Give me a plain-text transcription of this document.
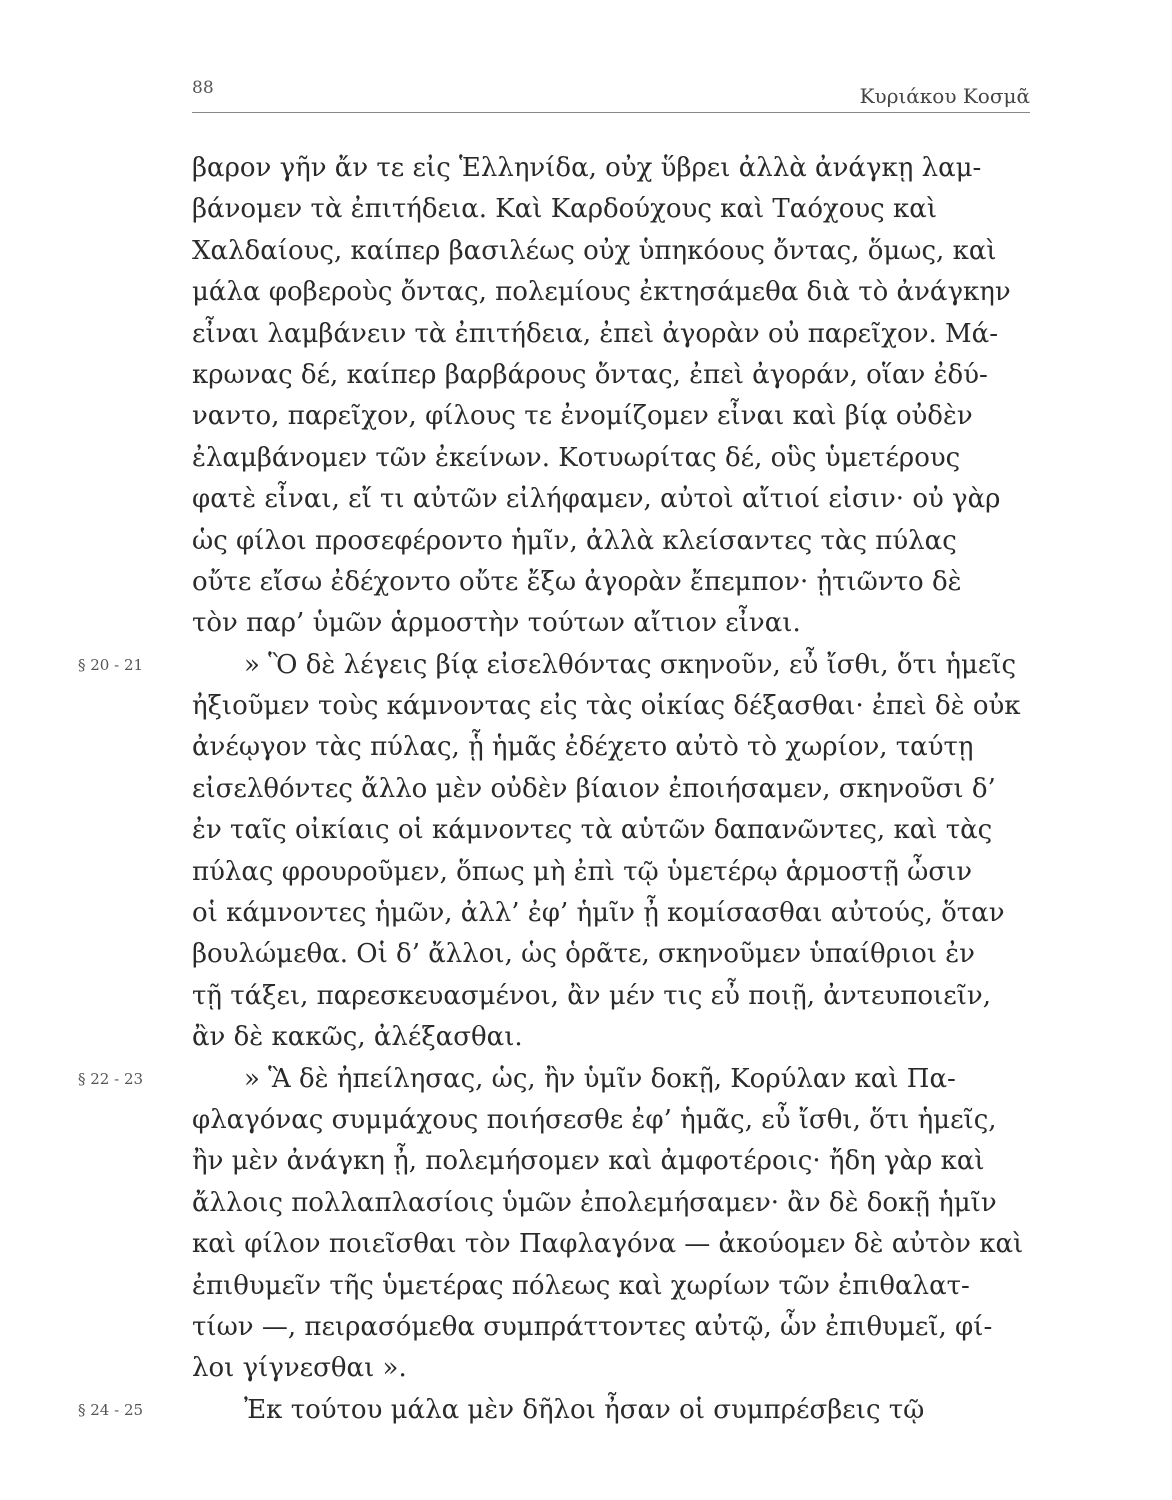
88	Κυριάκου Κοσμᾶ
βαρον γῆν ἄν τε εἰς Ἑλληνίδα, οὐχ ὕβρει ἀλλὰ ἀνάγκῃ λαμ-
βάνομεν τὰ ἐπιτήδεια. Καὶ Καρδούχους καὶ Ταόχους καὶ
Χαλδαίους, καίπερ βασιλέως οὐχ ὑπηκόους ὄντας, ὅμως, καὶ
μάλα φοβεροὺς ὄντας, πολεμίους ἐκτησάμεθα διὰ τὸ ἀνάγκην
εἶναι λαμβάνειν τὰ ἐπιτήδεια, ἐπεὶ ἀγορὰν οὐ παρεῖχον. Μά-
κρωνας δέ, καίπερ βαρβάρους ὄντας, ἐπεὶ ἀγοράν, οἵαν ἐδύ-
ναντο, παρεῖχον, φίλους τε ἐνομίζομεν εἶναι καὶ βίᾳ οὐδὲν
ἐλαμβάνομεν τῶν ἐκείνων. Κοτυωρίτας δέ, οὓς ὑμετέρους
φατὲ εἶναι, εἴ τι αὐτῶν εἰλήφαμεν, αὐτοὶ αἴτιοί εἰσιν· οὐ γὰρ
ὡς φίλοι προσεφέροντο ἡμῖν, ἀλλὰ κλείσαντες τὰς πύλας
οὔτε εἴσω ἐδέχοντο οὔτε ἔξω ἀγορὰν ἔπεμπον· ᾐτιῶντο δὲ
τὸν παρ’ ὑμῶν ἁρμοστὴν τούτων αἴτιον εἶναι.
» Ὃ δὲ λέγεις βίᾳ εἰσελθόντας σκηνοῦν, εὖ ἴσθι, ὅτι ἡμεῖς
§ 20 - 21
ἠξιοῦμεν τοὺς κάμνοντας εἰς τὰς οἰκίας δέξασθαι· ἐπεὶ δὲ οὐκ
ἀνέῳγον τὰς πύλας, ᾗ ἡμᾶς ἐδέχετο αὐτὸ τὸ χωρίον, ταύτῃ
εἰσελθόντες ἄλλο μὲν οὐδὲν βίαιον ἐποιήσαμεν, σκηνοῦσι δ’
ἐν ταῖς οἰκίαις οἱ κάμνοντες τὰ αὑτῶν δαπανῶντες, καὶ τὰς
πύλας φρουροῦμεν, ὅπως μὴ ἐπὶ τῷ ὑμετέρῳ ἁρμοστῇ ὦσιν
οἱ κάμνοντες ἡμῶν, ἀλλ’ ἐφ’ ἡμῖν ᾖ κομίσασθαι αὐτούς, ὅταν
βουλώμεθα. Οἱ δ’ ἄλλοι, ὡς ὁρᾶτε, σκηνοῦμεν ὑπαίθριοι ἐν
τῇ τάξει, παρεσκευασμένοι, ἂν μέν τις εὖ ποιῇ, ἀντευποιεῖν,
ἂν δὲ κακῶς, ἀλέξασθαι.
» Ἃ δὲ ἠπείλησας, ὡς, ἢν ὑμῖν δοκῇ, Κορύλαν καὶ Πα-
§ 22 - 23
φλαγόνας συμμάχους ποιήσεσθε ἐφ’ ἡμᾶς, εὖ ἴσθι, ὅτι ἡμεῖς,
ἢν μὲν ἀνάγκη ᾖ, πολεμήσομεν καὶ ἀμφοτέροις· ἤδη γὰρ καὶ
ἄλλοις πολλαπλασίοις ὑμῶν ἐπολεμήσαμεν· ἂν δὲ δοκῇ ἡμῖν
καὶ φίλον ποιεῖσθαι τὸν Παφλαγόνα — ἀκούομεν δὲ αὐτὸν καὶ
ἐπιθυμεῖν τῆς ὑμετέρας πόλεως καὶ χωρίων τῶν ἐπιθαλατ-
τίων —, πειρασόμεθα συμπράττοντες αὐτῷ, ὧν ἐπιθυμεῖ, φί-
λοι γίγνεσθαι ».
Ἐκ τούτου μάλα μὲν δῆλοι ἦσαν οἱ συμπρέσβεις τῷ
§ 24 - 25
